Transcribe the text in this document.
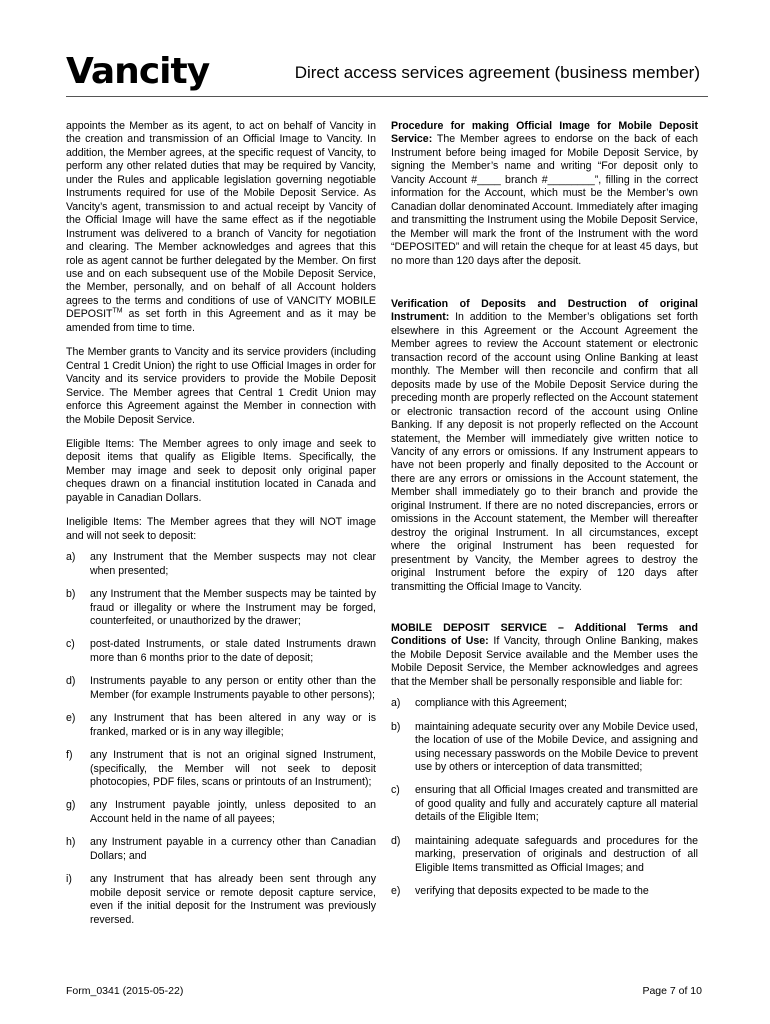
Vancity	Direct access services agreement (business member)

appoints the Member as its agent, to act on behalf of Vancity in the creation and transmission of an Official Image to Vancity. In addition, the Member agrees, at the specific request of Vancity, to perform any other related duties that may be required by Vancity, under the Rules and applicable legislation governing negotiable Instruments required for use of the Mobile Deposit Service. As Vancity’s agent, transmission to and actual receipt by Vancity of the Official Image will have the same effect as if the negotiable Instrument was delivered to a branch of Vancity for negotiation and clearing. The Member acknowledges and agrees that this role as agent cannot be further delegated by the Member. On first use and on each subsequent use of the Mobile Deposit Service, the Member, personally, and on behalf of all Account holders agrees to the terms and conditions of use of VANCITY MOBILE DEPOSIT™ as set forth in this Agreement and as it may be amended from time to time.

The Member grants to Vancity and its service providers (including Central 1 Credit Union) the right to use Official Images in order for Vancity and its service providers to provide the Mobile Deposit Service. The Member agrees that Central 1 Credit Union may enforce this Agreement against the Member in connection with the Mobile Deposit Service.

Eligible Items: The Member agrees to only image and seek to deposit items that qualify as Eligible Items. Specifically, the Member may image and seek to deposit only original paper cheques drawn on a financial institution located in Canada and payable in Canadian Dollars.

Ineligible Items: The Member agrees that they will NOT image and will not seek to deposit:

a) any Instrument that the Member suspects may not clear when presented;
b) any Instrument that the Member suspects may be tainted by fraud or illegality or where the Instrument may be forged, counterfeited, or unauthorized by the drawer;
c) post-dated Instruments, or stale dated Instruments drawn more than 6 months prior to the date of deposit;
d) Instruments payable to any person or entity other than the Member (for example Instruments payable to other persons);
e) any Instrument that has been altered in any way or is franked, marked or is in any way illegible;
f) any Instrument that is not an original signed Instrument, (specifically, the Member will not seek to deposit photocopies, PDF files, scans or printouts of an Instrument);
g) any Instrument payable jointly, unless deposited to an Account held in the name of all payees;
h) any Instrument payable in a currency other than Canadian Dollars; and
i) any Instrument that has already been sent through any mobile deposit service or remote deposit capture service, even if the initial deposit for the Instrument was previously reversed.

Procedure for making Official Image for Mobile Deposit Service: The Member agrees to endorse on the back of each Instrument before being imaged for Mobile Deposit Service, by signing the Member’s name and writing “For deposit only to Vancity Account #____ branch #________”, filling in the correct information for the Account, which must be the Member’s own Canadian dollar denominated Account. Immediately after imaging and transmitting the Instrument using the Mobile Deposit Service, the Member will mark the front of the Instrument with the word “DEPOSITED” and will retain the cheque for at least 45 days, but no more than 120 days after the deposit.

Verification of Deposits and Destruction of original Instrument: In addition to the Member’s obligations set forth elsewhere in this Agreement or the Account Agreement the Member agrees to review the Account statement or electronic transaction record of the account using Online Banking at least monthly. The Member will then reconcile and confirm that all deposits made by use of the Mobile Deposit Service during the preceding month are properly reflected on the Account statement or electronic transaction record of the account using Online Banking. If any deposit is not properly reflected on the Account statement, the Member will immediately give written notice to Vancity of any errors or omissions. If any Instrument appears to have not been properly and finally deposited to the Account or there are any errors or omissions in the Account statement, the Member shall immediately go to their branch and provide the original Instrument. If there are no noted discrepancies, errors or omissions in the Account statement, the Member will thereafter destroy the original Instrument. In all circumstances, except where the original Instrument has been requested for presentment by Vancity, the Member agrees to destroy the original Instrument before the expiry of 120 days after transmitting the Official Image to Vancity.

MOBILE DEPOSIT SERVICE – Additional Terms and Conditions of Use: If Vancity, through Online Banking, makes the Mobile Deposit Service available and the Member uses the Mobile Deposit Service, the Member acknowledges and agrees that the Member shall be personally responsible and liable for:

a) compliance with this Agreement;
b) maintaining adequate security over any Mobile Device used, the location of use of the Mobile Device, and assigning and using necessary passwords on the Mobile Device to prevent use by others or interception of data transmitted;
c) ensuring that all Official Images created and transmitted are of good quality and fully and accurately capture all material details of the Eligible Item;
d) maintaining adequate safeguards and procedures for the marking, preservation of originals and destruction of all Eligible Items transmitted as Official Images; and
e) verifying that deposits expected to be made to the
Form_0341 (2015-05-22)	Page 7 of 10
